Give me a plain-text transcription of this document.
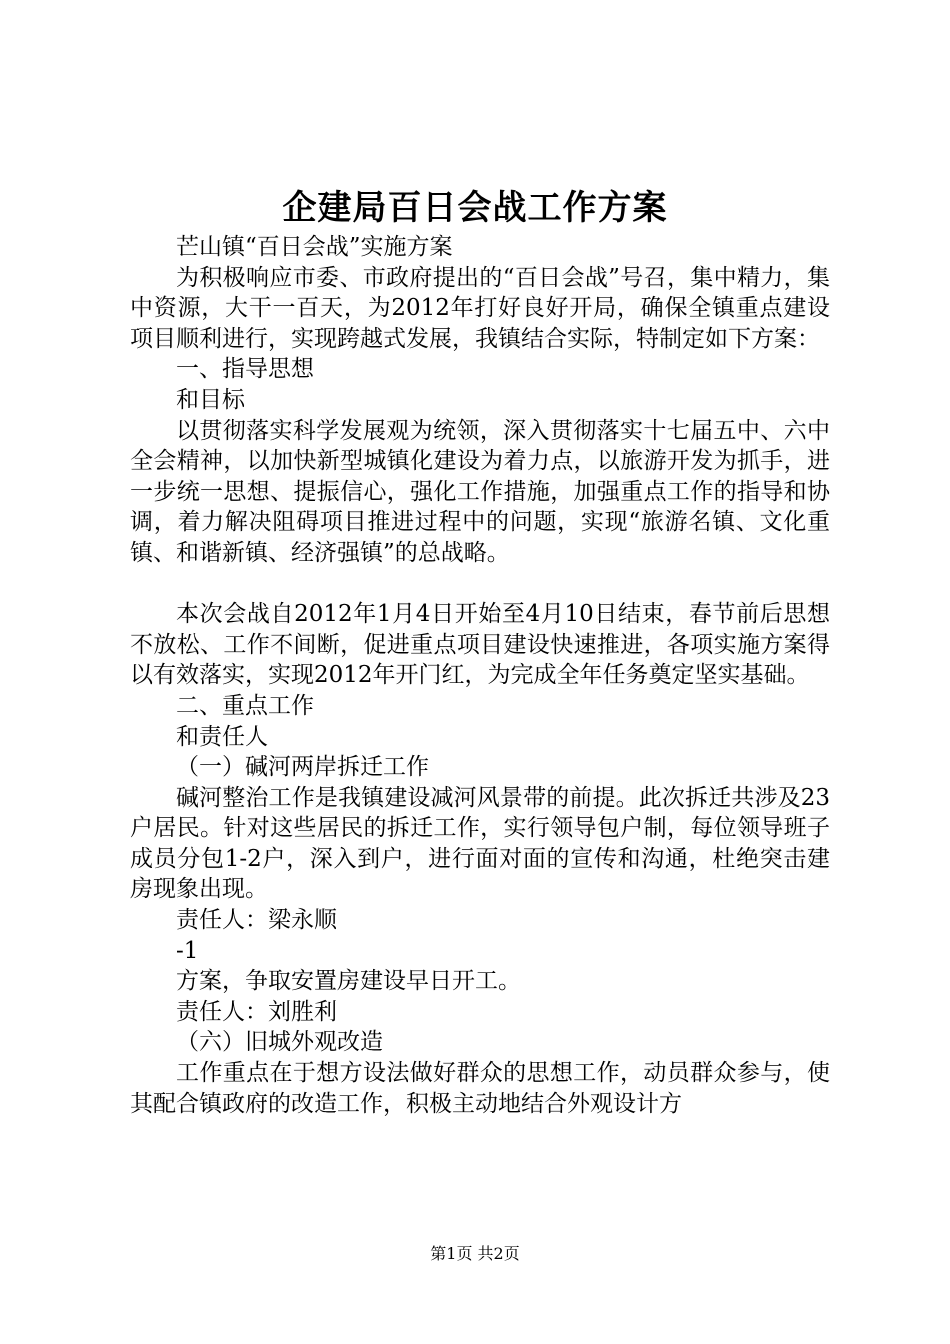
企建局百日会战工作方案

芒山镇“百日会战”实施方案

为积极响应市委、市政府提出的“百日会战”号召，集中精力，集中资源，大干一百天，为2012年打好良好开局，确保全镇重点建设项目顺利进行，实现跨越式发展，我镇结合实际，特制定如下方案：

一、指导思想

和目标

以贯彻落实科学发展观为统领，深入贯彻落实十七届五中、六中全会精神，以加快新型城镇化建设为着力点，以旅游开发为抓手，进一步统一思想、提振信心，强化工作措施，加强重点工作的指导和协调，着力解决阻碍项目推进过程中的问题，实现“旅游名镇、文化重镇、和谐新镇、经济强镇”的总战略。

本次会战自2012年1月4日开始至4月10日结束，春节前后思想不放松、工作不间断，促进重点项目建设快速推进，各项实施方案得以有效落实，实现2012年开门红，为完成全年任务奠定坚实基础。

二、重点工作

和责任人

（一）碱河两岸拆迁工作

碱河整治工作是我镇建设减河风景带的前提。此次拆迁共涉及23户居民。针对这些居民的拆迁工作，实行领导包户制，每位领导班子成员分包1-2户，深入到户，进行面对面的宣传和沟通，杜绝突击建房现象出现。

责任人：梁永顺

-1

方案，争取安置房建设早日开工。

责任人：刘胜利

（六）旧城外观改造

工作重点在于想方设法做好群众的思想工作，动员群众参与，使其配合镇政府的改造工作，积极主动地结合外观设计方

第1页 共2页
